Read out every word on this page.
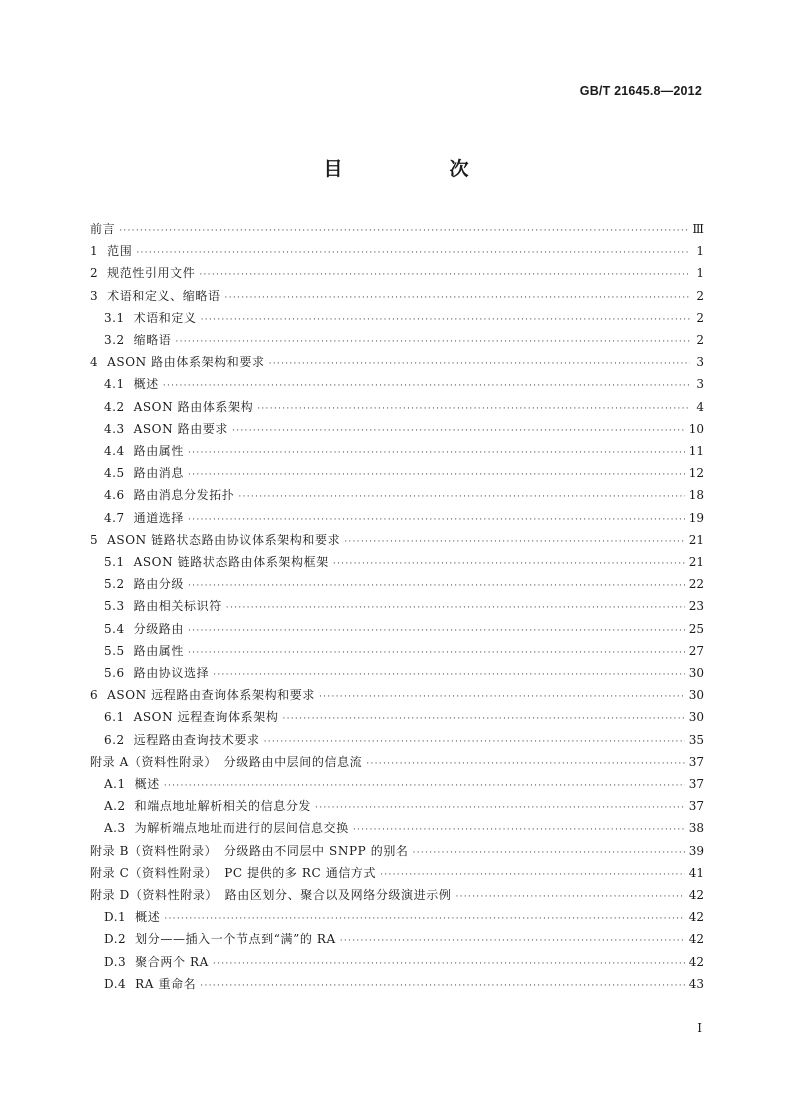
GB/T 21645.8—2012
目　次
前言 ·····	Ⅲ
1 范围 ·····	1
2 规范性引用文件 ·····	1
3 术语和定义、缩略语 ·····	2
3.1 术语和定义 ·····	2
3.2 缩略语 ·····	2
4 ASON 路由体系架构和要求 ·····	3
4.1 概述 ·····	3
4.2 ASON 路由体系架构 ·····	4
4.3 ASON 路由要求 ·····	10
4.4 路由属性 ·····	11
4.5 路由消息 ·····	12
4.6 路由消息分发拓扑 ·····	18
4.7 通道选择 ·····	19
5 ASON 链路状态路由协议体系架构和要求 ·····	21
5.1 ASON 链路状态路由体系架构框架 ·····	21
5.2 路由分级 ·····	22
5.3 路由相关标识符 ·····	23
5.4 分级路由 ·····	25
5.5 路由属性 ·····	27
5.6 路由协议选择 ·····	30
6 ASON 远程路由查询体系架构和要求 ·····	30
6.1 ASON 远程查询体系架构 ·····	30
6.2 远程路由查询技术要求 ·····	35
附录 A（资料性附录）　分级路由中层间的信息流 ·····	37
A.1 概述 ·····	37
A.2 和端点地址解析相关的信息分发 ·····	37
A.3 为解析端点地址而进行的层间信息交换 ·····	38
附录 B（资料性附录）　分级路由不同层中 SNPP 的别名 ·····	39
附录 C（资料性附录）　PC 提供的多 RC 通信方式 ·····	41
附录 D（资料性附录）　路由区划分、聚合以及网络分级演进示例 ·····	42
D.1 概述 ·····	42
D.2 划分——插入一个节点到“满”的 RA ·····	42
D.3 聚合两个 RA ·····	42
D.4 RA 重命名 ·····	43
Ⅰ
